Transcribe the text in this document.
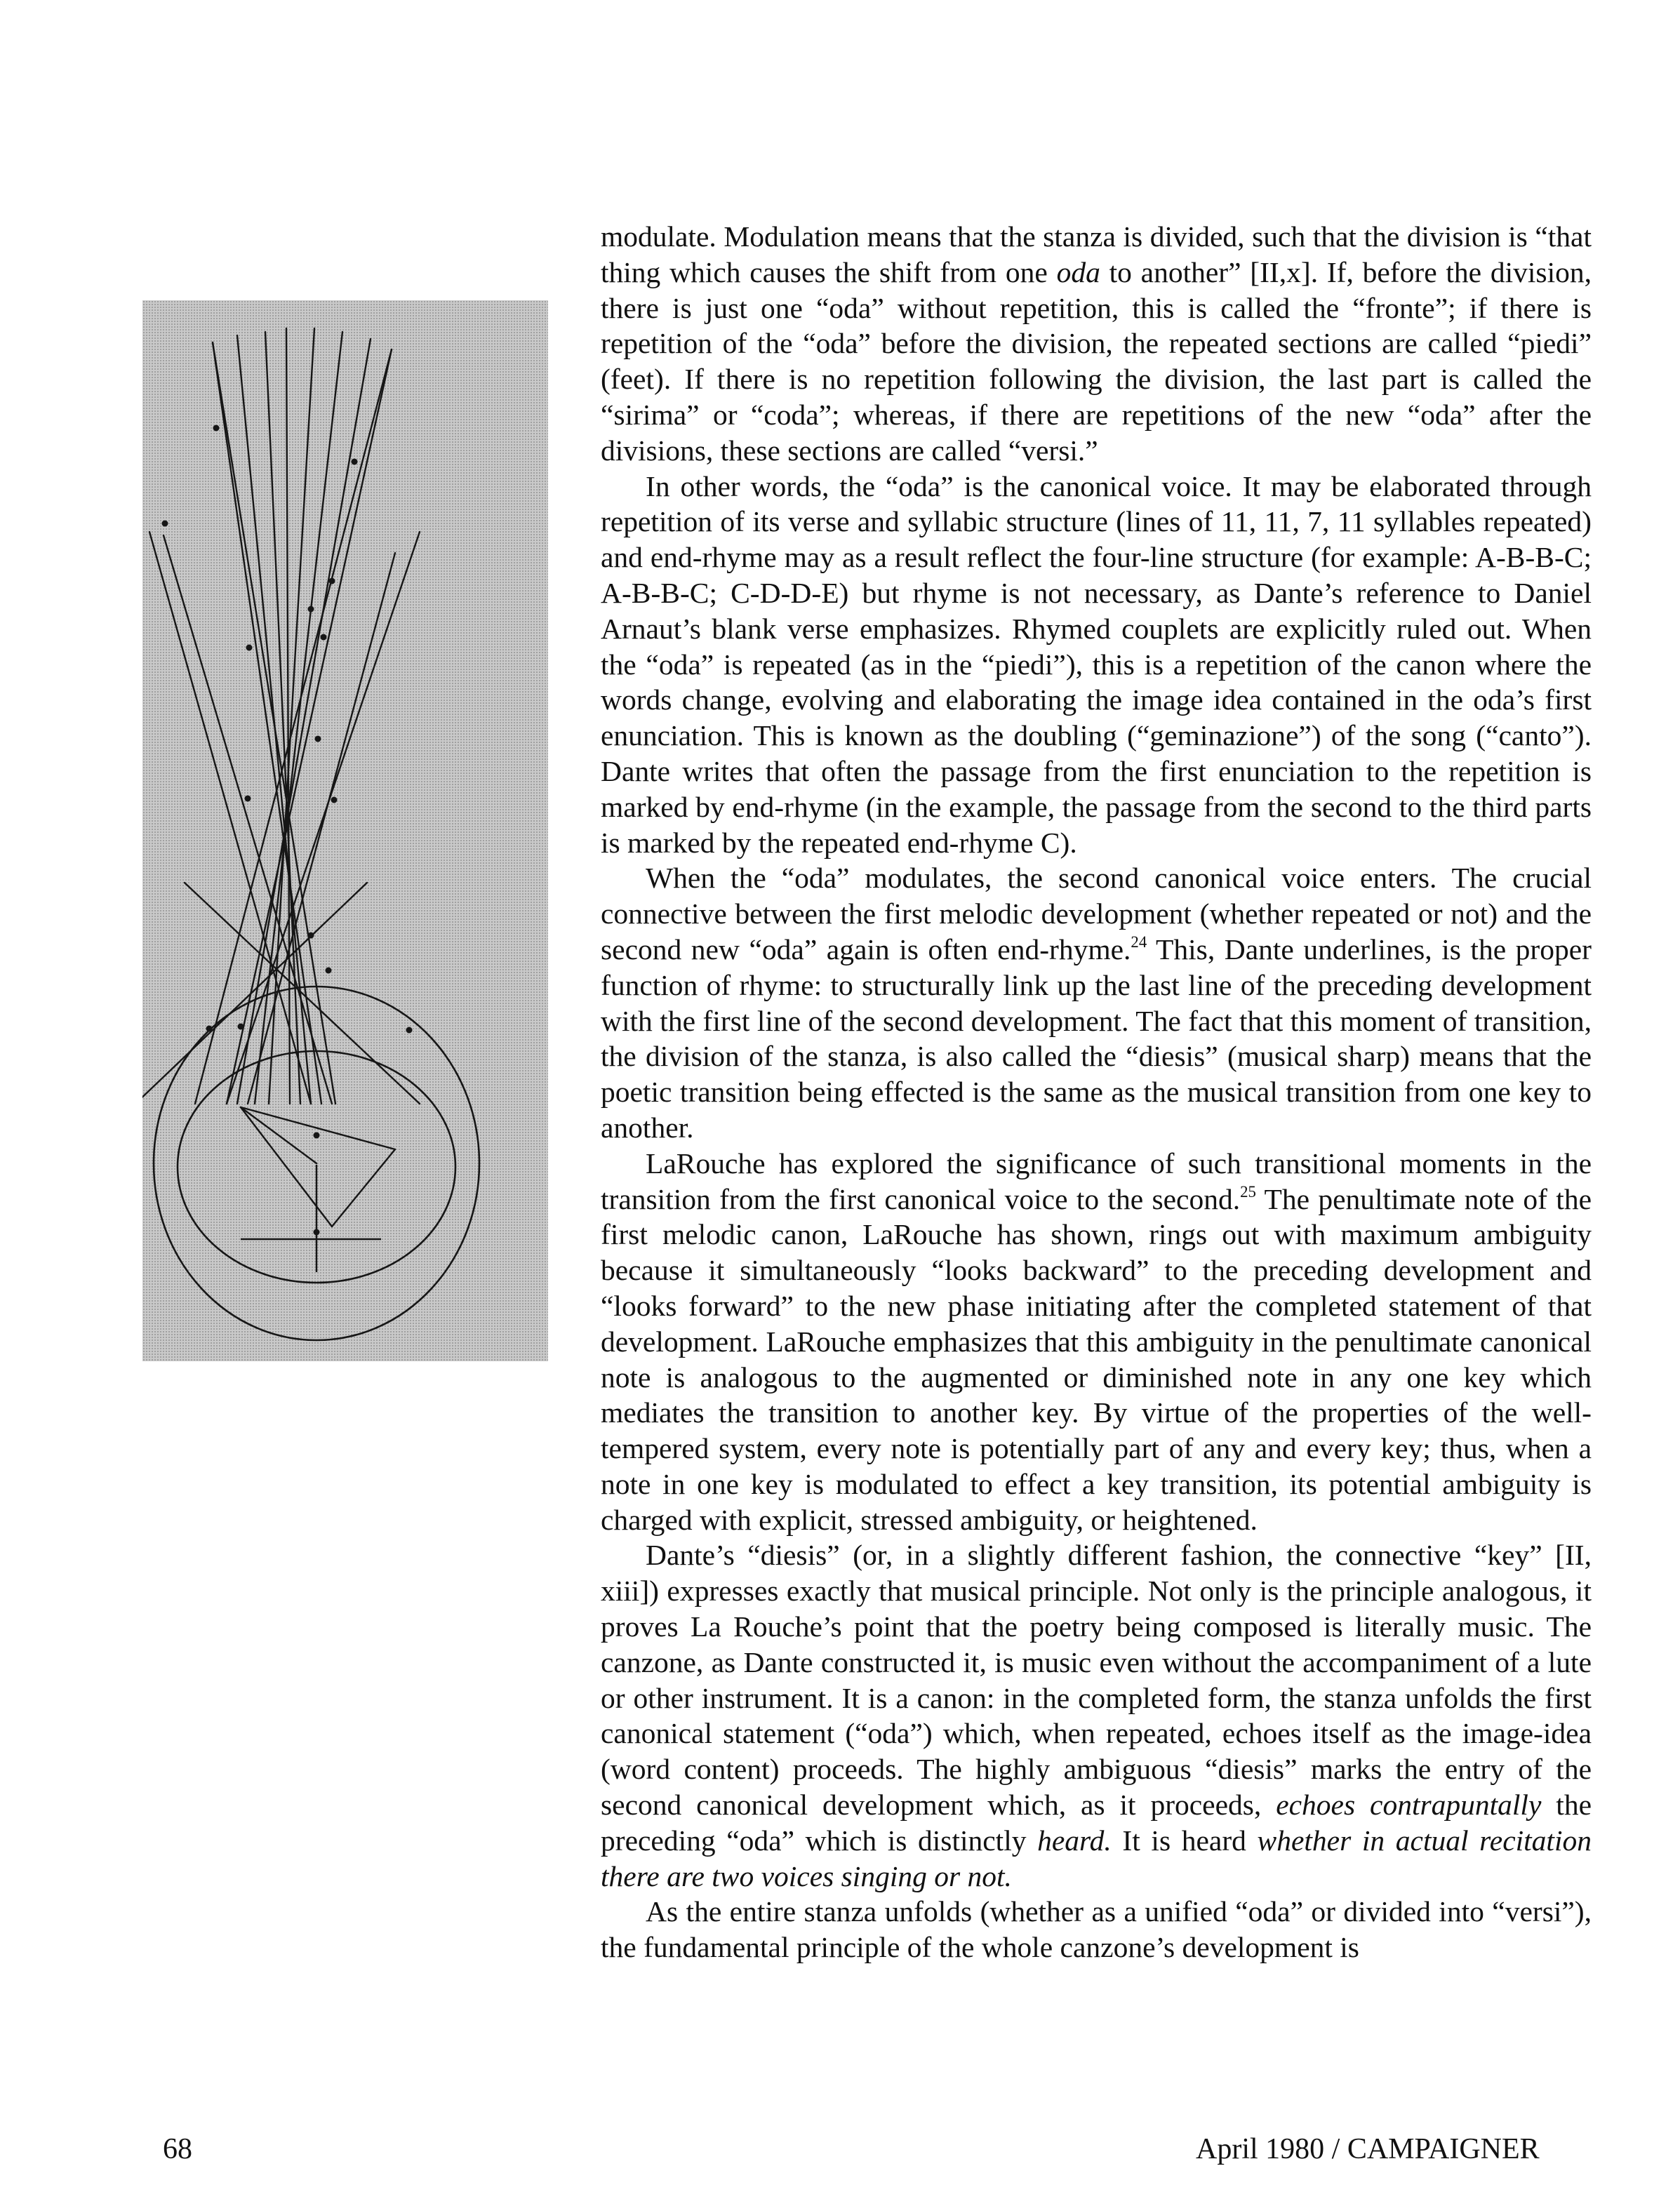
modulate. Modulation means that the stanza is divided, such that the division is “that thing which causes the shift from one oda to another” [II,x]. If, before the division, there is just one “oda” without repetition, this is called the “fronte”; if there is repetition of the “oda” before the division, the repeated sections are called “piedi” (feet). If there is no repetition following the division, the last part is called the “sirima” or “coda”; whereas, if there are repetitions of the new “oda” after the divisions, these sections are called “versi.”

In other words, the “oda” is the canonical voice. It may be elaborated through repetition of its verse and syllabic structure (lines of 11, 11, 7, 11 syllables repeated) and end-rhyme may as a result reflect the four-line structure (for example: A-B-B-C; A-B-B-C; C-D-D-E) but rhyme is not necessary, as Dante’s reference to Daniel Arnaut’s blank verse emphasizes. Rhymed couplets are explicitly ruled out. When the “oda” is repeated (as in the “piedi”), this is a repetition of the canon where the words change, evolving and elaborating the image idea contained in the oda’s first enunciation. This is known as the doubling (“geminazione”) of the song (“canto”). Dante writes that often the passage from the first enunciation to the repetition is marked by end-rhyme (in the example, the passage from the second to the third parts is marked by the repeated end-rhyme C).

When the “oda” modulates, the second canonical voice enters. The crucial connective between the first melodic development (whether repeated or not) and the second new “oda” again is often end-rhyme.$^{24}$ This, Dante underlines, is the proper function of rhyme: to structurally link up the last line of the preceding development with the first line of the second development. The fact that this moment of transition, the division of the stanza, is also called the “diesis” (musical sharp) means that the poetic transition being effected is the same as the musical transition from one key to another.

LaRouche has explored the significance of such transitional moments in the transition from the first canonical voice to the second.$^{25}$ The penultimate note of the first melodic canon, LaRouche has shown, rings out with maximum ambiguity because it simultaneously “looks backward” to the preceding development and “looks forward” to the new phase initiating after the completed statement of that development. LaRouche emphasizes that this ambiguity in the penultimate canonical note is analogous to the augmented or diminished note in any one key which mediates the transition to another key. By virtue of the properties of the well-tempered system, every note is potentially part of any and every key; thus, when a note in one key is modulated to effect a key transition, its potential ambiguity is charged with explicit, stressed ambiguity, or heightened.

Dante’s “diesis” (or, in a slightly different fashion, the connective “key” [II, xiii]) expresses exactly that musical principle. Not only is the principle analogous, it proves La Rouche’s point that the poetry being composed is literally music. The canzone, as Dante constructed it, is music even without the accompaniment of a lute or other instrument. It is a canon: in the completed form, the stanza unfolds the first canonical statement (“oda”) which, when repeated, echoes itself as the image-idea (word content) proceeds. The highly ambiguous “diesis” marks the entry of the second canonical development which, as it proceeds, echoes contrapuntally the preceding “oda” which is distinctly heard. It is heard whether in actual recitation there are two voices singing or not.

As the entire stanza unfolds (whether as a unified “oda” or divided into “versi”), the fundamental principle of the whole canzone’s development is

68	April 1980 / CAMPAIGNER
